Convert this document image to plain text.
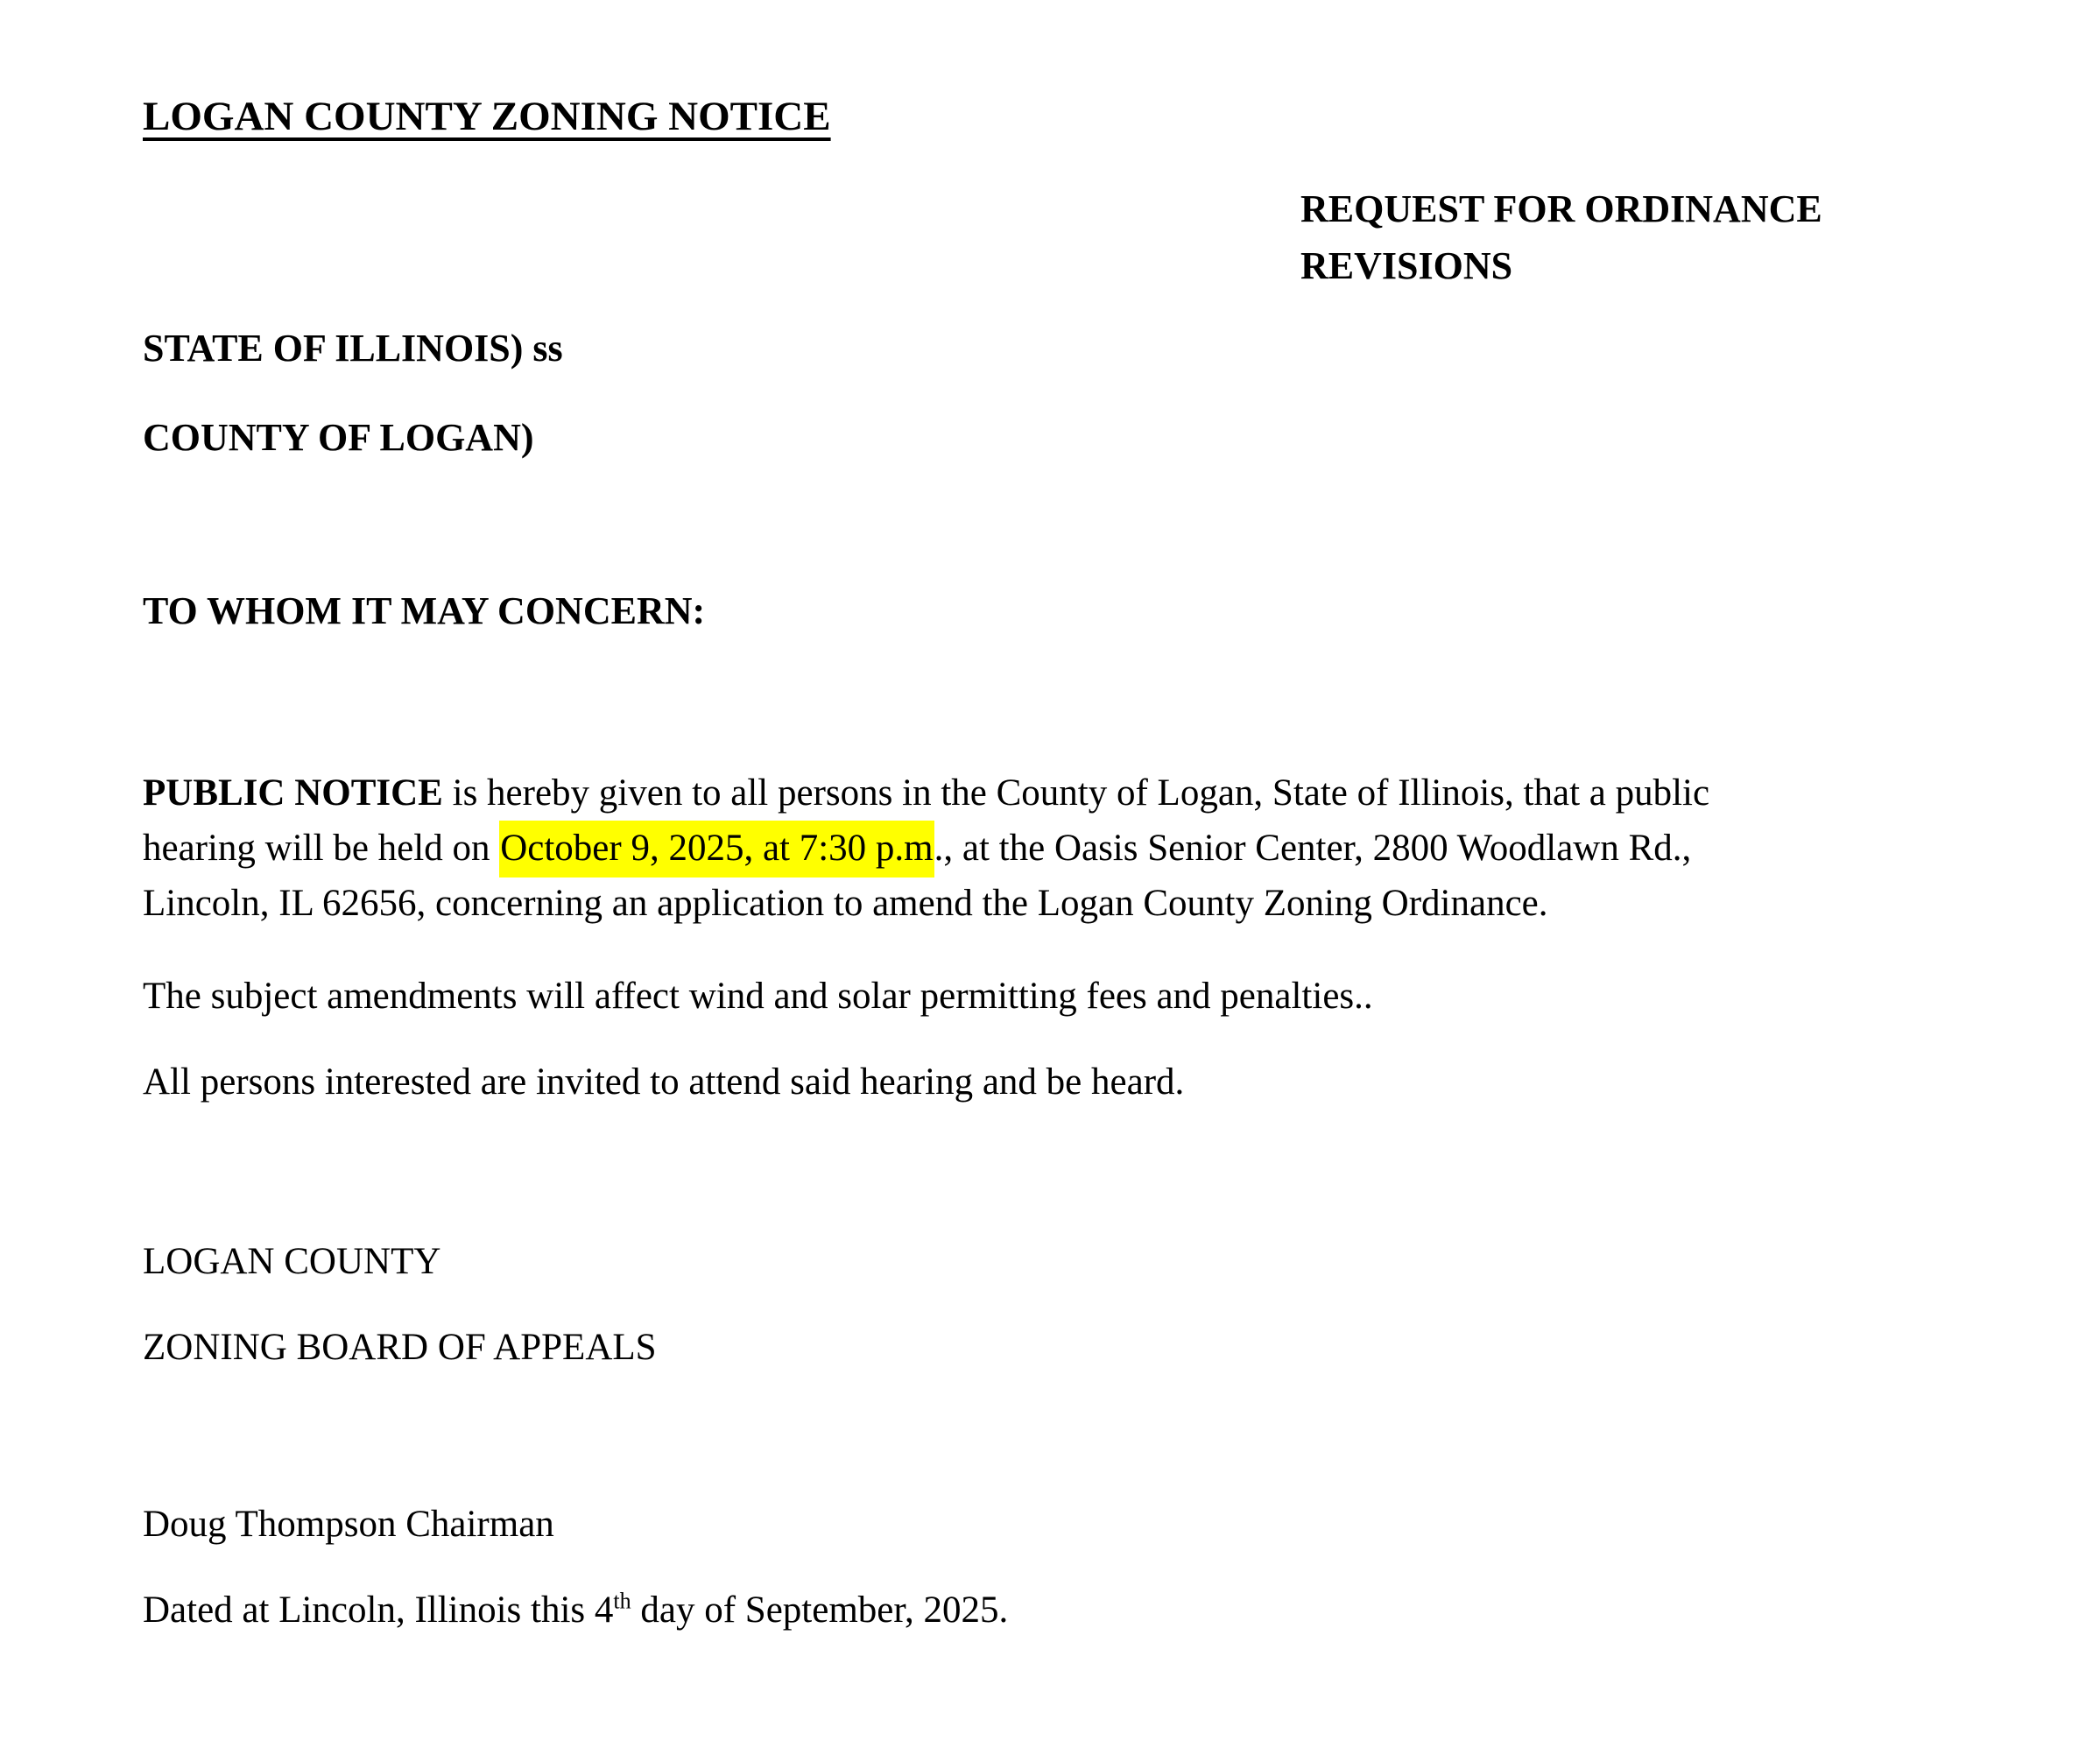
LOGAN COUNTY ZONING NOTICE
REQUEST FOR ORDINANCE REVISIONS
STATE OF ILLINOIS) ss
COUNTY OF LOGAN)
TO WHOM IT MAY CONCERN:
PUBLIC NOTICE is hereby given to all persons in the County of Logan, State of Illinois, that a public
hearing will be held on October 9, 2025, at 7:30 p.m., at the Oasis Senior Center, 2800 Woodlawn Rd.,
Lincoln, IL 62656, concerning an application to amend the Logan County Zoning Ordinance.
The subject amendments will affect wind and solar permitting fees and penalties..
All persons interested are invited to attend said hearing and be heard.
LOGAN COUNTY
ZONING BOARD OF APPEALS
Doug Thompson Chairman
Dated at Lincoln, Illinois this 4th day of September, 2025.
